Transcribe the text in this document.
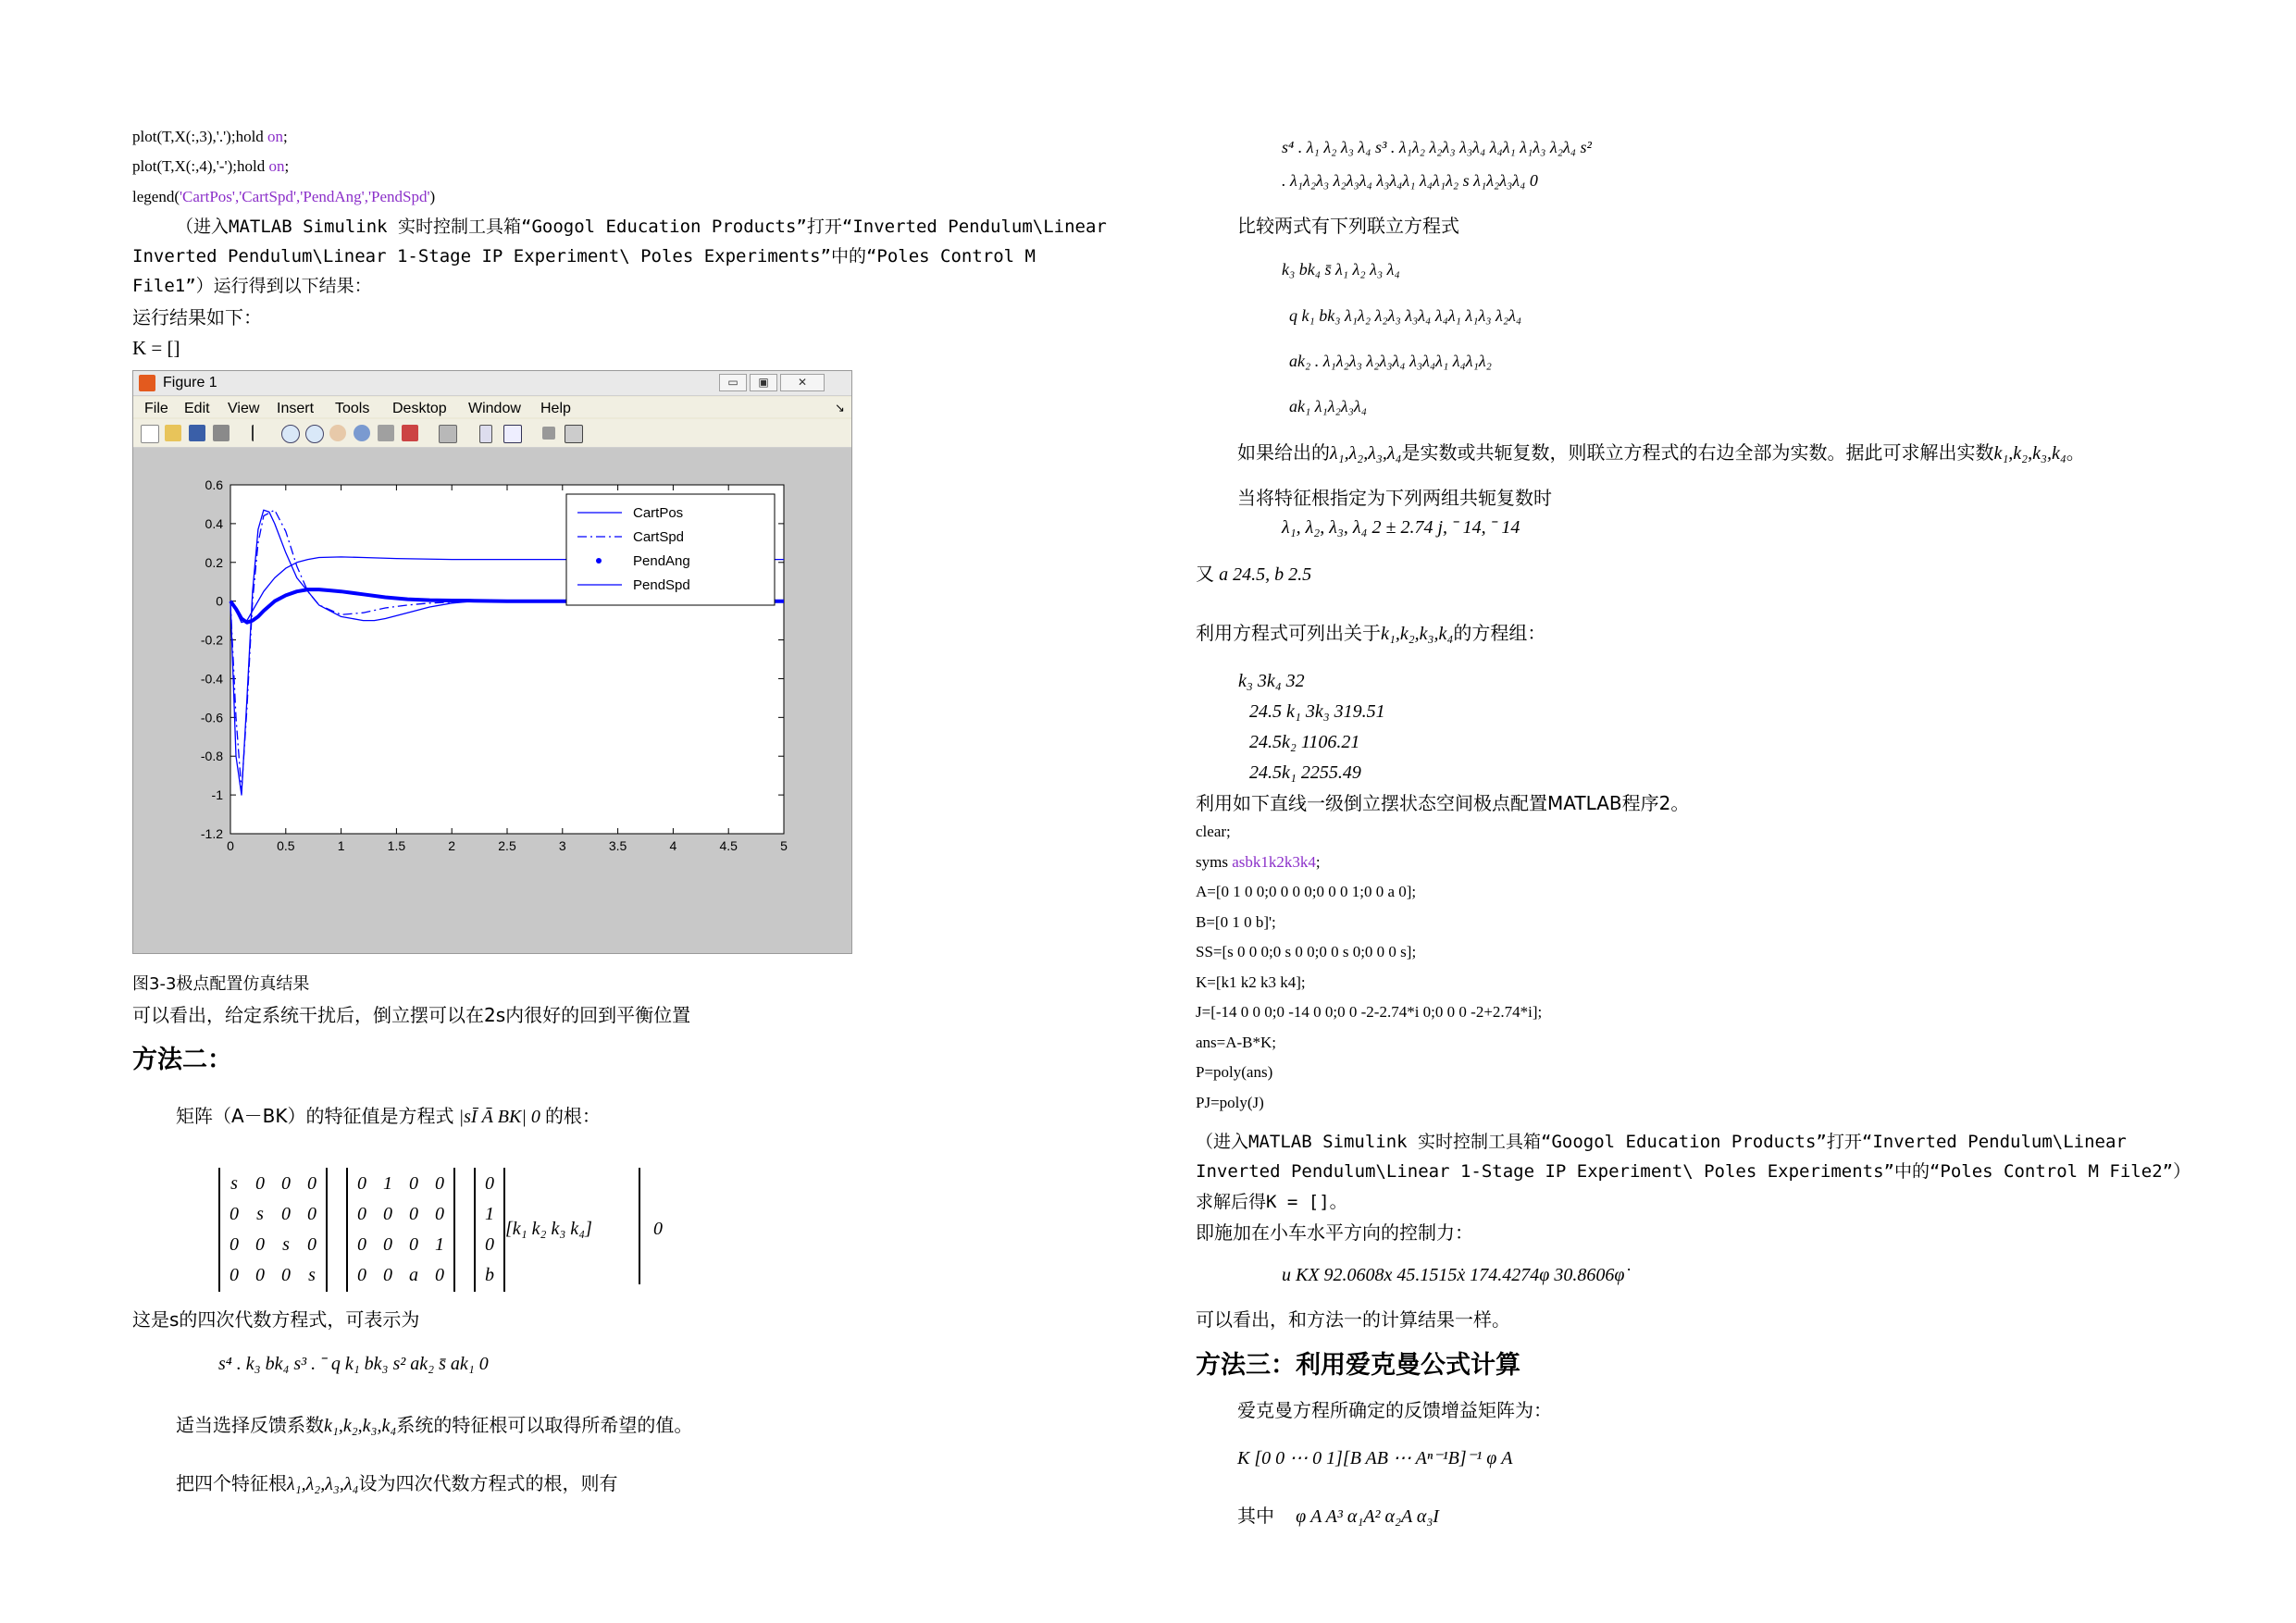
plot(T,X(:,3),'.');hold on;
plot(T,X(:,4),'-');hold on;
legend('CartPos','CartSpd','PendAng','PendSpd')
（进入MATLAB Simulink 实时控制工具箱“Googol Education Products”打开“Inverted Pendulum\Linear
Inverted Pendulum\Linear 1-Stage IP Experiment\ Poles Experiments”中的“Poles Control M
File1”）运行得到以下结果：
运行结果如下：
K = []
Figure 1	▭	▣	✕
File Edit View Insert Tools Desktop Window Help	↘
0	0.5	1	1.5	2	2.5	3	3.5	4	4.5	5
0.6
0.4
0.2
0
-0.2
-0.4
-0.6
-0.8
-1
-1.2
CartPos
CartSpd
PendAng
PendSpd
图3-3极点配置仿真结果
可以看出，给定系统干扰后，倒立摆可以在2s内很好的回到平衡位置
方法二：
矩阵（A－BK）的特征值是方程式 |sĪ Ā BK| 0 的根：
s	0	0	0
0	s	0	0
0	0	s	0
0	0	0	s
0	1	0	0
0	0	0	0
0	0	0	1
0	0	a	0
0
1
0
b
[k₁ k₂ k₃ k₄]	0
这是s的四次代数方程式，可表示为
s⁴ . k₃ bk₄ s³ . ˉ q k₁ bk₃ s² ak₂ s̄ ak₁ 0
适当选择反馈系数k₁,k₂,k₃,k₄系统的特征根可以取得所希望的值。
把四个特征根λ₁,λ₂,λ₃,λ₄设为四次代数方程式的根，则有
s⁴ . λ₁ λ₂ λ₃ λ₄ s³ . λ₁λ₂ λ₂λ₃ λ₃λ₄ λ₄λ₁ λ₁λ₃ λ₂λ₄ s²
. λ₁λ₂λ₃ λ₂λ₃λ₄ λ₃λ₄λ₁ λ₄λ₁λ₂ s λ₁λ₂λ₃λ₄ 0
比较两式有下列联立方程式
k₃ bk₄ s̄ λ₁ λ₂ λ₃ λ₄
q k₁ bk₃ λ₁λ₂ λ₂λ₃ λ₃λ₄ λ₄λ₁ λ₁λ₃ λ₂λ₄
ak₂ . λ₁λ₂λ₃ λ₂λ₃λ₄ λ₃λ₄λ₁ λ₄λ₁λ₂
ak₁ λ₁λ₂λ₃λ₄
如果给出的λ₁,λ₂,λ₃,λ₄是实数或共轭复数，则联立方程式的右边全部为实数。据此可求解出实数k₁,k₂,k₃,k₄。
当将特征根指定为下列两组共轭复数时
λ₁, λ₂, λ₃, λ₄ 2 ± 2.74 j, ˉ 14, ˉ 14
又 a 24.5, b 2.5
利用方程式可列出关于k₁,k₂,k₃,k₄的方程组：
k₃ 3k₄ 32
24.5 k₁ 3k₃ 319.51
24.5k₂ 1106.21
24.5k₁ 2255.49
利用如下直线一级倒立摆状态空间极点配置MATLAB程序2。
clear;
syms asbk1k2k3k4;
A=[0 1 0 0;0 0 0 0;0 0 0 1;0 0 a 0];
B=[0 1 0 b]';
SS=[s 0 0 0;0 s 0 0;0 0 s 0;0 0 0 s];
K=[k1 k2 k3 k4];
J=[-14 0 0 0;0 -14 0 0;0 0 -2-2.74*i 0;0 0 0 -2+2.74*i];
ans=A-B*K;
P=poly(ans)
PJ=poly(J)
（进入MATLAB Simulink 实时控制工具箱“Googol Education Products”打开“Inverted Pendulum\Linear
Inverted Pendulum\Linear 1-Stage IP Experiment\ Poles Experiments”中的“Poles Control M File2”）
求解后得K = []。
即施加在小车水平方向的控制力：
u KX 92.0608x 45.1515ẋ 174.4274φ 30.8606φ̇
可以看出，和方法一的计算结果一样。
方法三：利用爱克曼公式计算
爱克曼方程所确定的反馈增益矩阵为：
K [0 0 ⋯ 0 1][B AB ⋯ Aⁿ⁻¹B]⁻¹ φ A
其中 φ A A³ α₁A² α₂A α₃I
